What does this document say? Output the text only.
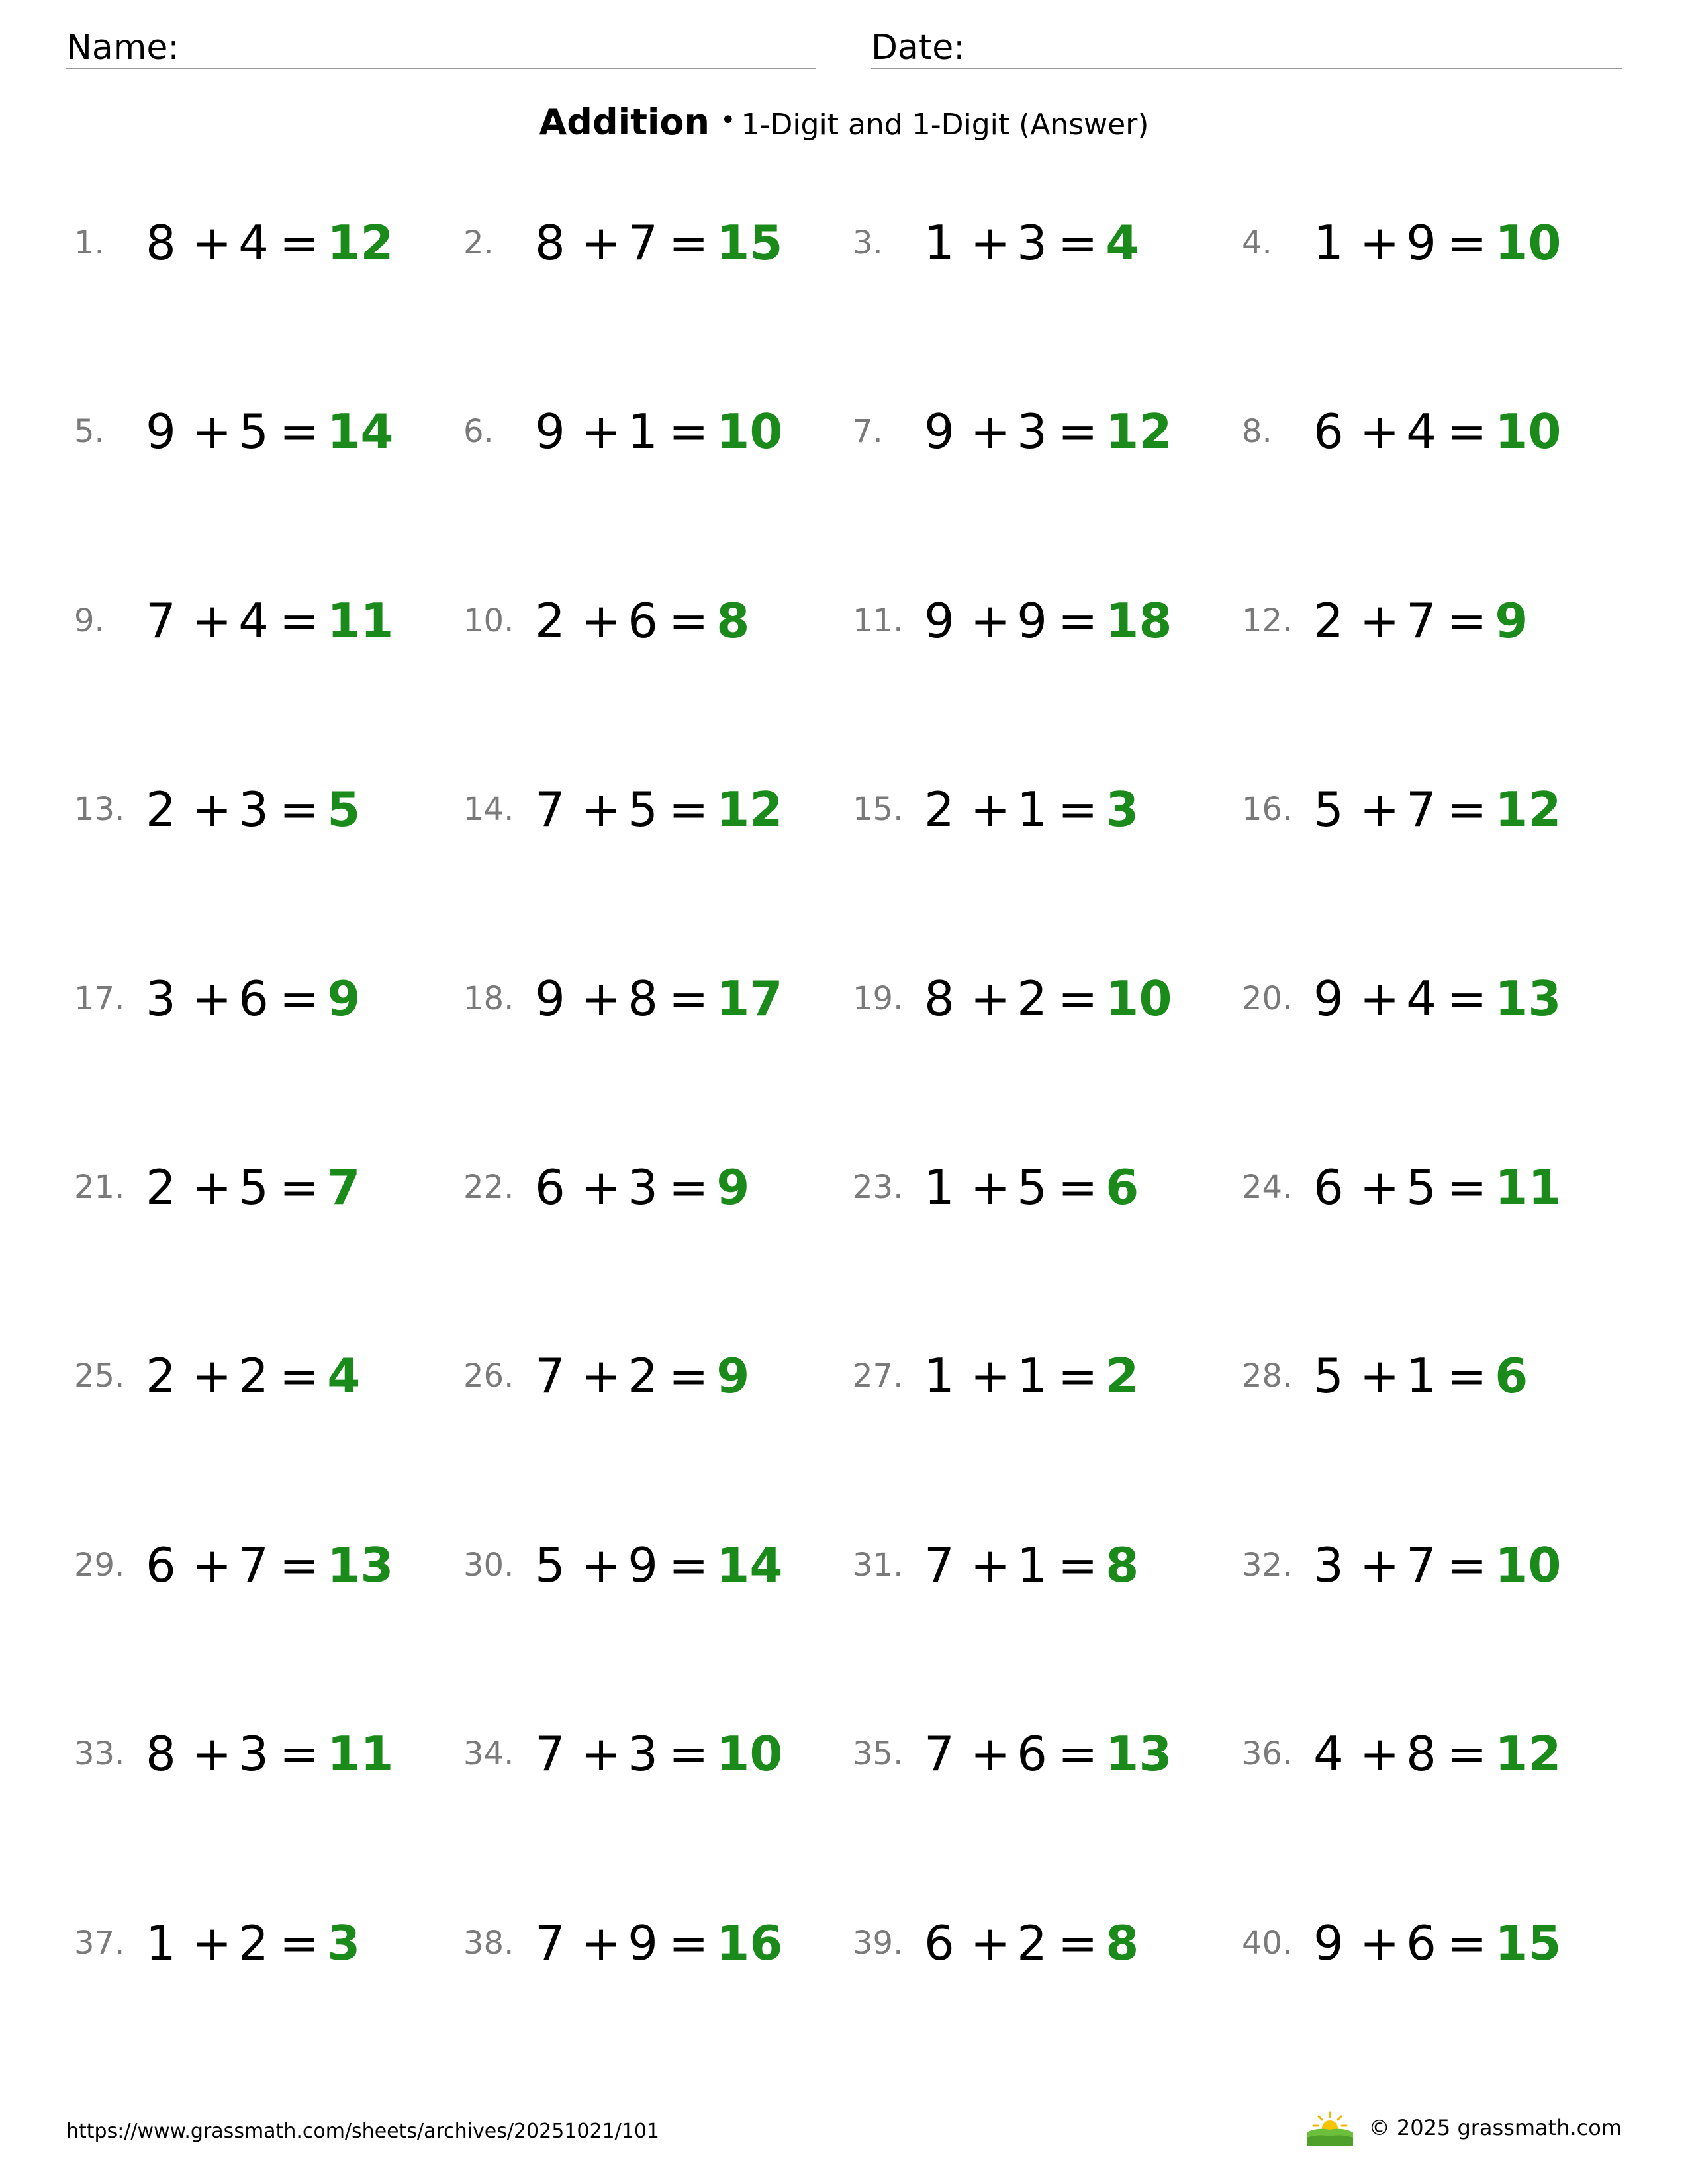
Name:	Date:
Addition • 1-Digit and 1-Digit (Answer)
1. 8 + 4 = 12 2. 8 + 7 = 15 3. 1 + 3 = 4	4. 1 + 9 = 10
5. 9 + 5 = 14 6. 9 + 1 = 10 7. 9 + 3 = 12 8. 6 + 4 = 10
9. 7 + 4 = 11 10. 2 + 6 = 8	11. 9 + 9 = 18 12. 2 + 7 = 9
13. 2 + 3 = 5	14. 7 + 5 = 12 15. 2 + 1 = 3	16. 5 + 7 = 12
17. 3 + 6 = 9	18. 9 + 8 = 17 19. 8 + 2 = 10 20. 9 + 4 = 13
21. 2 + 5 = 7	22. 6 + 3 = 9	23. 1 + 5 = 6	24. 6 + 5 = 11
25. 2 + 2 = 4	26. 7 + 2 = 9	27. 1 + 1 = 2	28. 5 + 1 = 6
29. 6 + 7 = 13 30. 5 + 9 = 14 31. 7 + 1 = 8	32. 3 + 7 = 10
33. 8 + 3 = 11 34. 7 + 3 = 10 35. 7 + 6 = 13 36. 4 + 8 = 12
37. 1 + 2 = 3	38. 7 + 9 = 16 39. 6 + 2 = 8	40. 9 + 6 = 15
https://www.grassmath.com/sheets/archives/20251021/101	© 2025 grassmath.com
